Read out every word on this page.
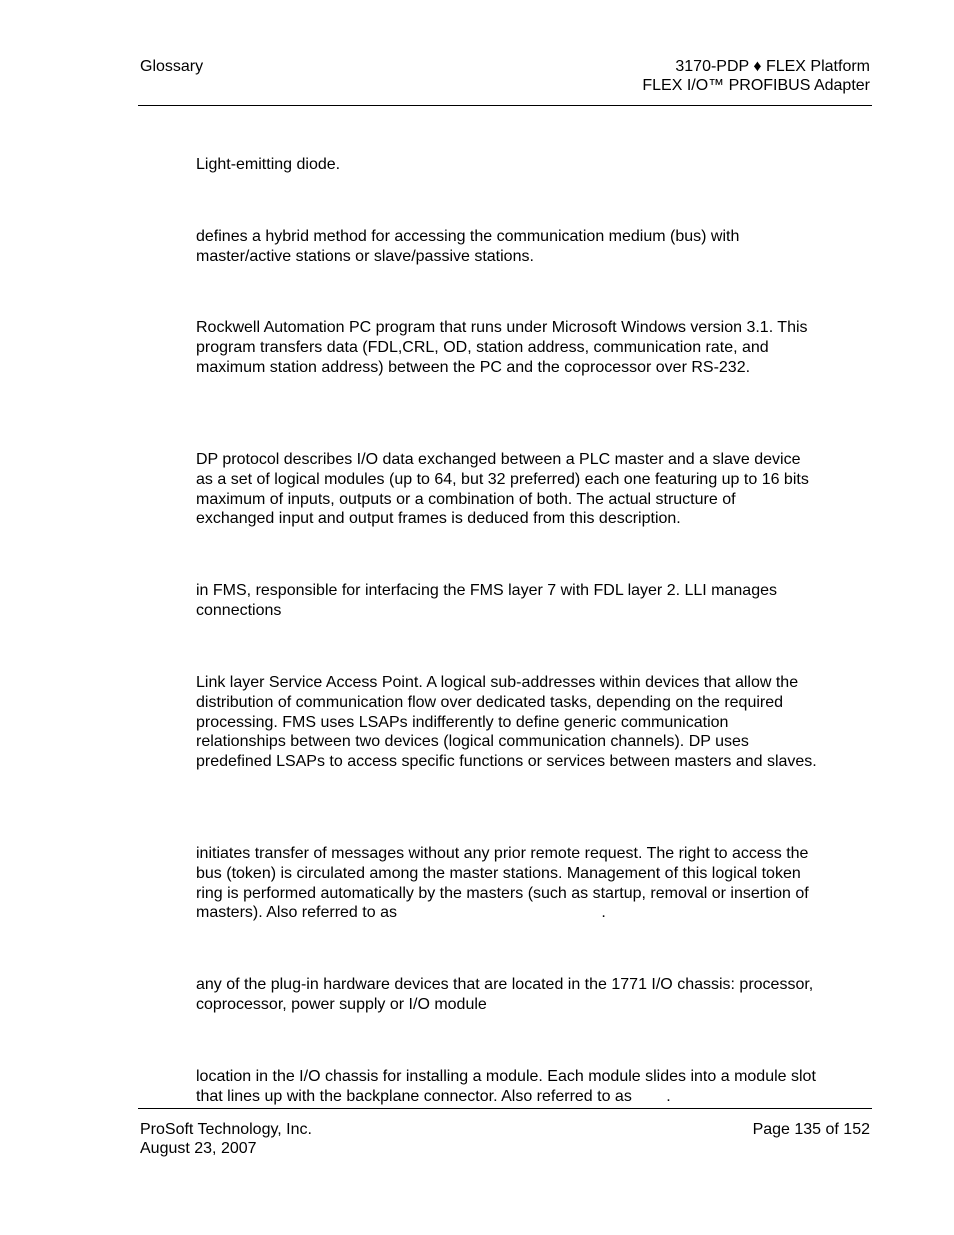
Glossary	3170-PDP ♦ FLEX Platform
FLEX I/O™ PROFIBUS Adapter

Light-emitting diode.

defines a hybrid method for accessing the communication medium (bus) with master/active stations or slave/passive stations.

Rockwell Automation PC program that runs under Microsoft Windows version 3.1. This program transfers data (FDL,CRL, OD, station address, communication rate, and maximum station address) between the PC and the coprocessor over RS-232.

DP protocol describes I/O data exchanged between a PLC master and a slave device as a set of logical modules (up to 64, but 32 preferred) each one featuring up to 16 bits maximum of inputs, outputs or a combination of both. The actual structure of exchanged input and output frames is deduced from this description.

in FMS, responsible for interfacing the FMS layer 7 with FDL layer 2. LLI manages connections

Link layer Service Access Point. A logical sub-addresses within devices that allow the distribution of communication flow over dedicated tasks, depending on the required processing. FMS uses LSAPs indifferently to define generic communication relationships between two devices (logical communication channels). DP uses predefined LSAPs to access specific functions or services between masters and slaves.

initiates transfer of messages without any prior remote request. The right to access the bus (token) is circulated among the master stations. Management of this logical token ring is performed automatically by the masters (such as startup, removal or insertion of masters). Also referred to as	.

any of the plug-in hardware devices that are located in the 1771 I/O chassis: processor, coprocessor, power supply or I/O module

location in the I/O chassis for installing a module. Each module slides into a module slot that lines up with the backplane connector. Also referred to as .

ProSoft Technology, Inc.
August 23, 2007
Page 135 of 152
